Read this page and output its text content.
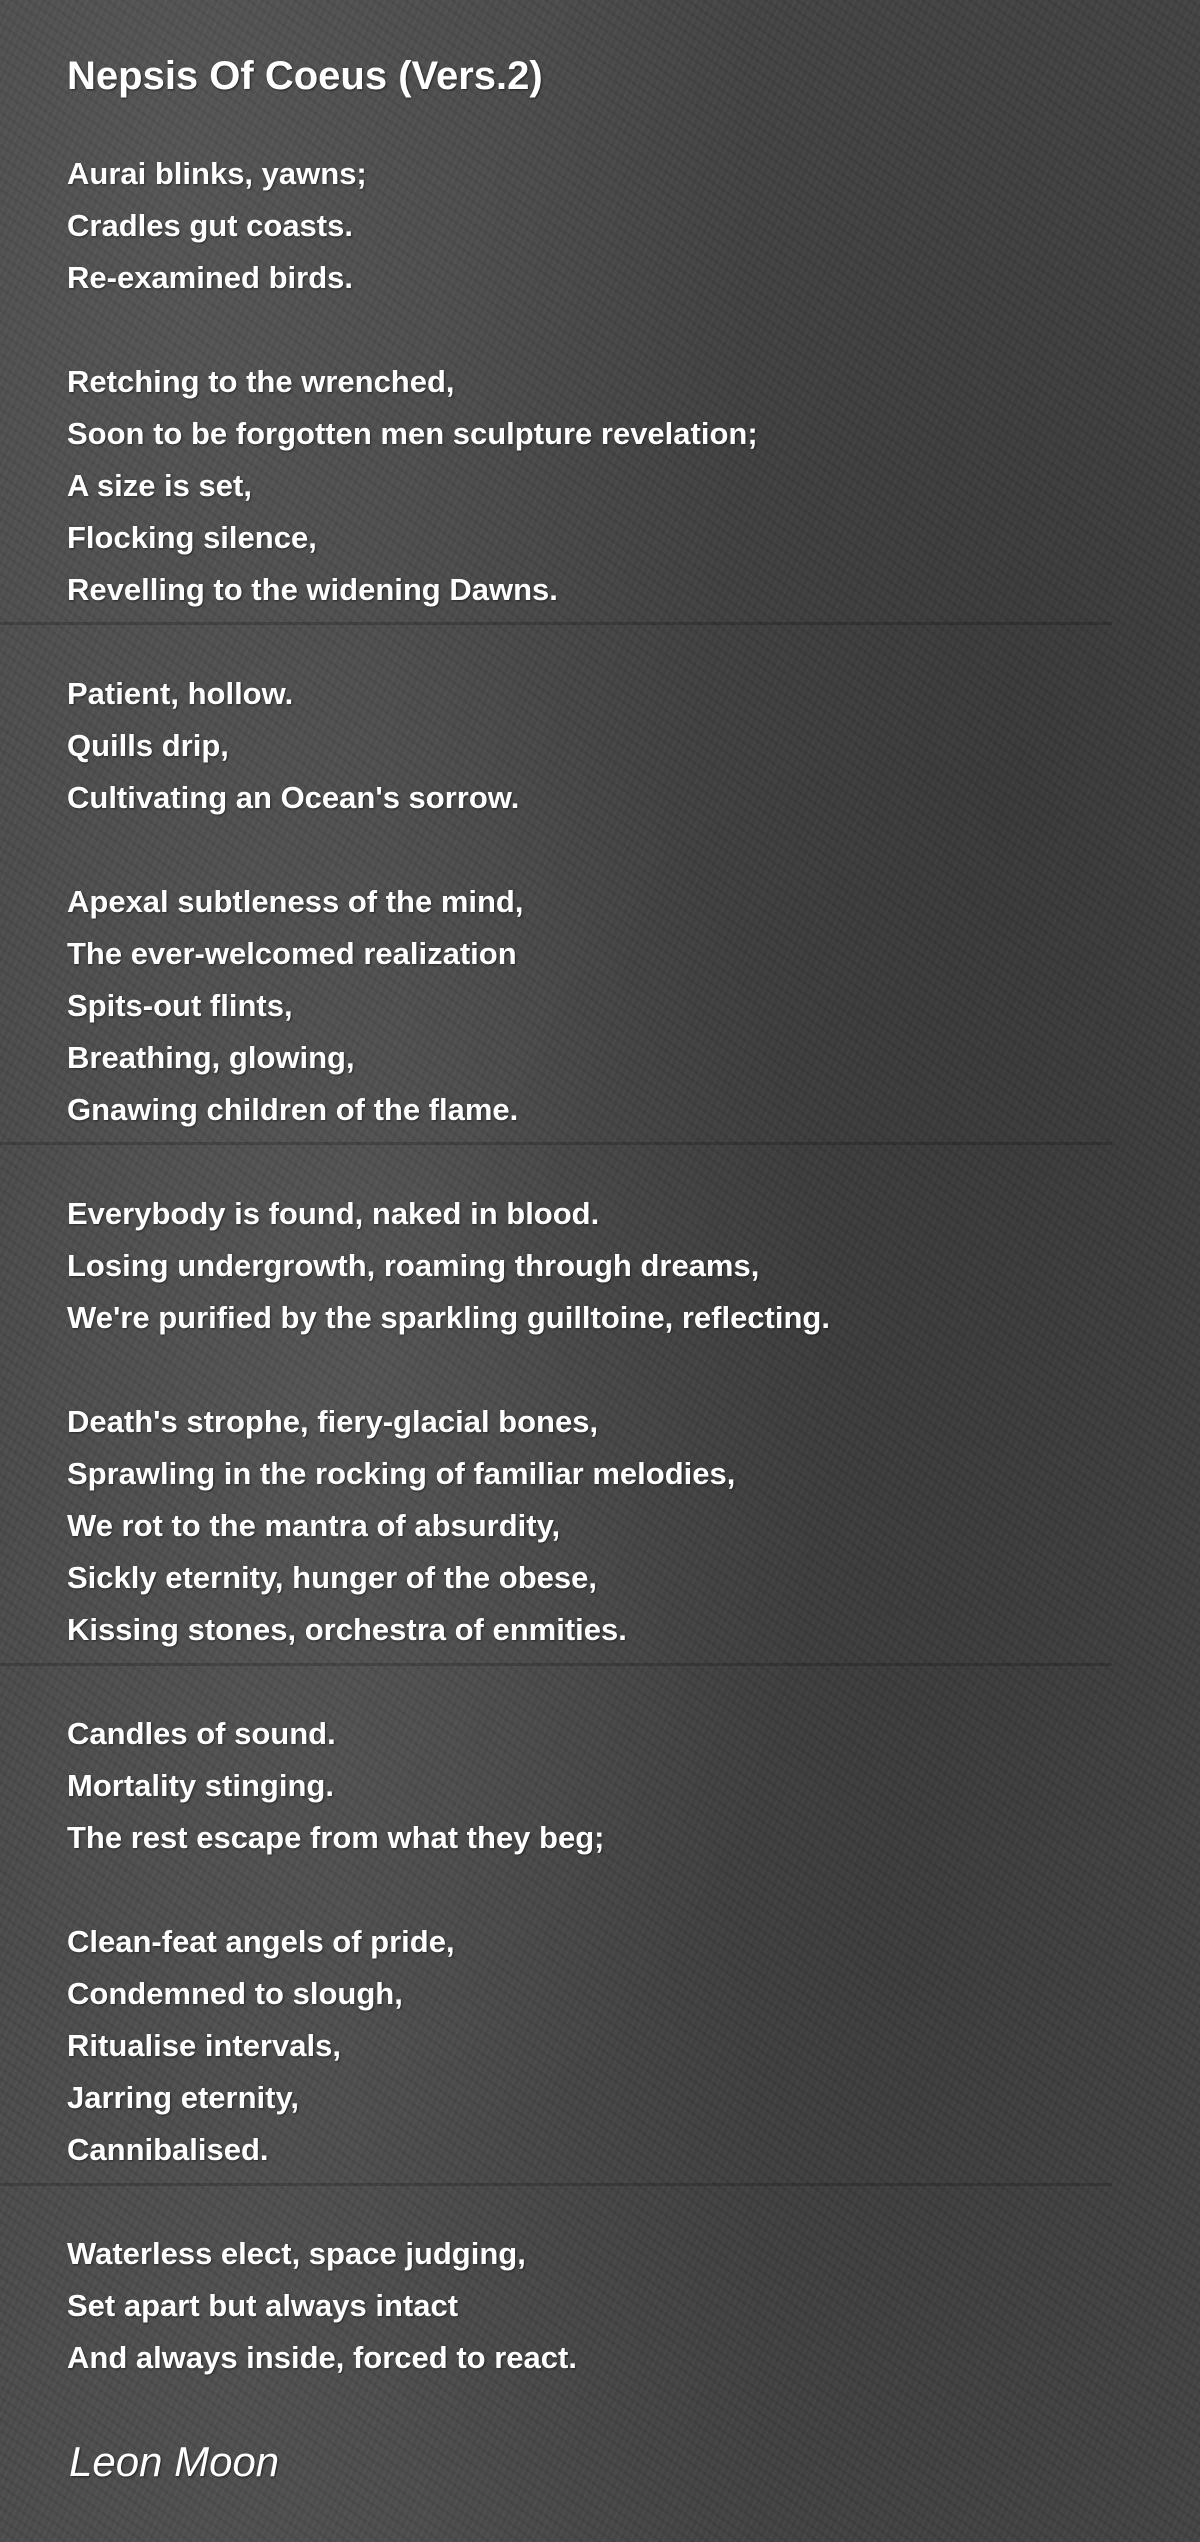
Nepsis Of Coeus (Vers.2)
Aurai blinks, yawns;
Cradles gut coasts.
Re-examined birds.
Retching to the wrenched,
Soon to be forgotten men sculpture revelation;
A size is set,
Flocking silence,
Revelling to the widening Dawns.
Patient, hollow.
Quills drip,
Cultivating an Ocean's sorrow.
Apexal subtleness of the mind,
The ever-welcomed realization
Spits-out flints,
Breathing, glowing,
Gnawing children of the flame.
Everybody is found, naked in blood.
Losing undergrowth, roaming through dreams,
We're purified by the sparkling guilltoine, reflecting.
Death's strophe, fiery-glacial bones,
Sprawling in the rocking of familiar melodies,
We rot to the mantra of absurdity,
Sickly eternity, hunger of the obese,
Kissing stones, orchestra of enmities.
Candles of sound.
Mortality stinging.
The rest escape from what they beg;
Clean-feat angels of pride,
Condemned to slough,
Ritualise intervals,
Jarring eternity,
Cannibalised.
Waterless elect, space judging,
Set apart but always intact
And always inside, forced to react.

Leon Moon
